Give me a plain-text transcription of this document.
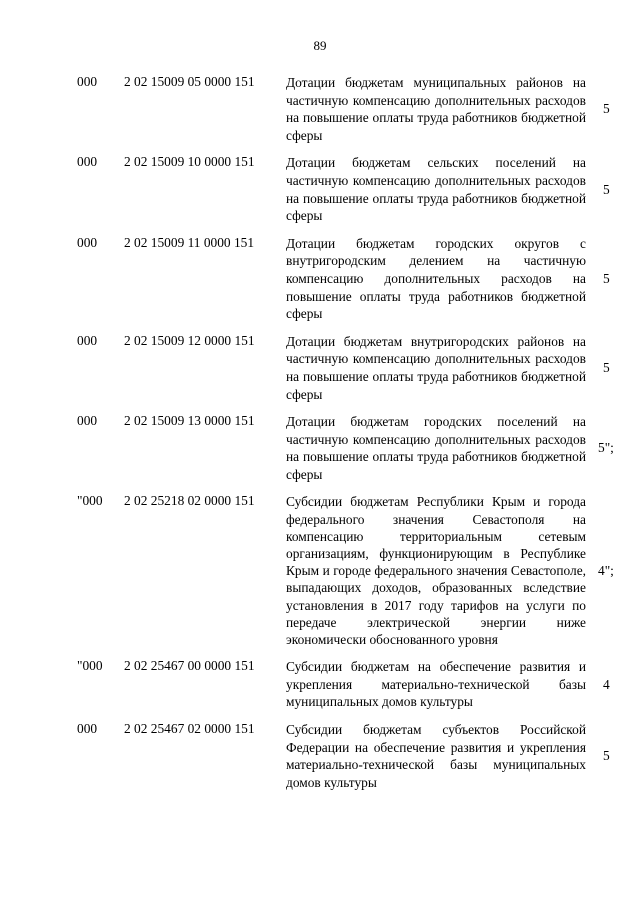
89
000 2 02 15009 05 0000 151 Дотации бюджетам муниципальных районов на частичную компенсацию дополнительных расходов на повышение оплаты труда работников бюджетной сферы
5
000 2 02 15009 10 0000 151 Дотации бюджетам сельских поселений на частичную компенсацию дополнительных расходов на повышение оплаты труда работников бюджетной сферы
5
000 2 02 15009 11 0000 151 Дотации бюджетам городских округов с внутригородским делением на частичную компенсацию дополнительных расходов на повышение оплаты труда работников бюджетной сферы
5
000 2 02 15009 12 0000 151 Дотации бюджетам внутригородских районов на частичную компенсацию дополнительных расходов на повышение оплаты труда работников бюджетной сферы
5
000 2 02 15009 13 0000 151 Дотации бюджетам городских поселений на частичную компенсацию дополнительных расходов на повышение оплаты труда работников бюджетной сферы
5";
"000 2 02 25218 02 0000 151 Субсидии бюджетам Республики Крым и города федерального значения Севастополя на компенсацию территориальным сетевым организациям, функционирующим в Республике Крым и городе федерального значения Севастополе, выпадающих доходов, образованных вследствие установления в 2017 году тарифов на услуги по передаче электрической энергии ниже экономически обоснованного уровня
4";
"000 2 02 25467 00 0000 151 Субсидии бюджетам на обеспечение развития и укрепления материально-технической базы муниципальных домов культуры
4
000 2 02 25467 02 0000 151 Субсидии бюджетам субъектов Российской Федерации на обеспечение развития и укрепления материально-технической базы муниципальных домов культуры
5
